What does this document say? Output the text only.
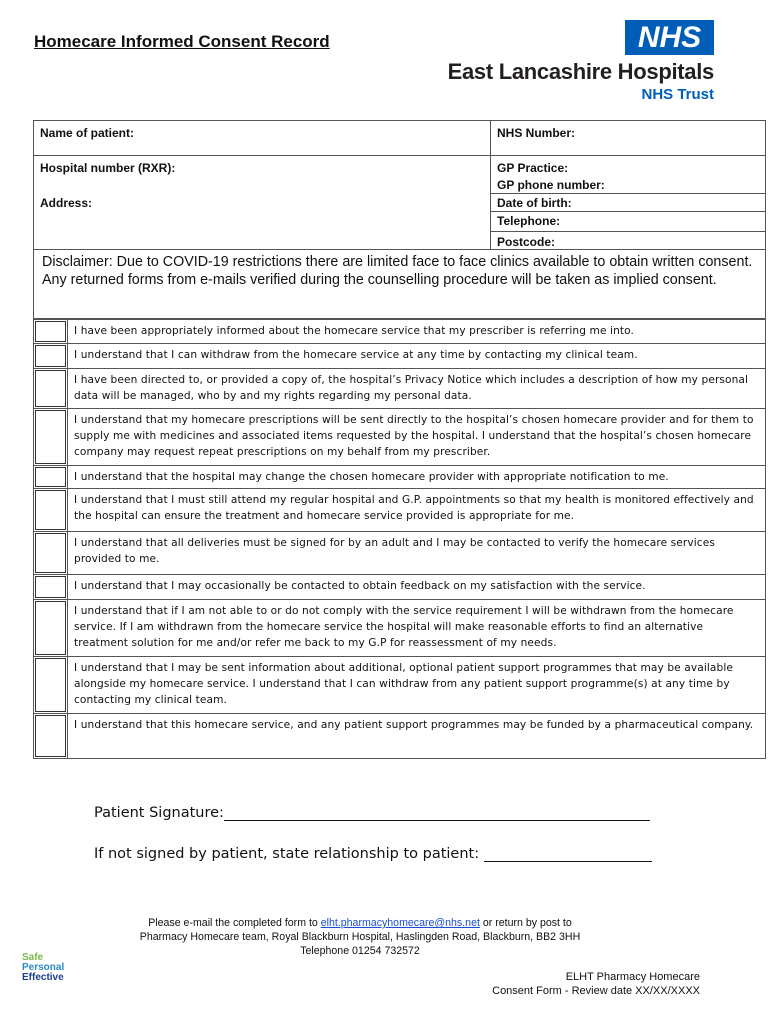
Homecare Informed Consent Record	NHS
East Lancashire Hospitals
NHS Trust
Name of patient:	NHS Number:
Hospital number (RXR):	GP Practice:
GP phone number:
Address:	Date of birth:
Telephone:
Postcode:
Disclaimer: Due to COVID-19 restrictions there are limited face to face clinics available to obtain written consent. Any returned forms from e-mails verified during the counselling procedure will be taken as implied consent.
I have been appropriately informed about the homecare service that my prescriber is referring me into.
I understand that I can withdraw from the homecare service at any time by contacting my clinical team.
I have been directed to, or provided a copy of, the hospital’s Privacy Notice which includes a description of how my personal data will be managed, who by and my rights regarding my personal data.
I understand that my homecare prescriptions will be sent directly to the hospital’s chosen homecare provider and for them to supply me with medicines and associated items requested by the hospital. I understand that the hospital’s chosen homecare company may request repeat prescriptions on my behalf from my prescriber.
I understand that the hospital may change the chosen homecare provider with appropriate notification to me.
I understand that I must still attend my regular hospital and G.P. appointments so that my health is monitored effectively and the hospital can ensure the treatment and homecare service provided is appropriate for me.
I understand that all deliveries must be signed for by an adult and I may be contacted to verify the homecare services provided to me.
I understand that I may occasionally be contacted to obtain feedback on my satisfaction with the service.
I understand that if I am not able to or do not comply with the service requirement I will be withdrawn from the homecare service. If I am withdrawn from the homecare service the hospital will make reasonable efforts to find an alternative treatment solution for me and/or refer me back to my G.P for reassessment of my needs.
I understand that I may be sent information about additional, optional patient support programmes that may be available alongside my homecare service. I understand that I can withdraw from any patient support programme(s) at any time by contacting my clinical team.
I understand that this homecare service, and any patient support programmes may be funded by a pharmaceutical company.
Patient Signature:
If not signed by patient, state relationship to patient:
Please e-mail the completed form to elht.pharmacyhomecare@nhs.net or return by post to
Pharmacy Homecare team, Royal Blackburn Hospital, Haslingden Road, Blackburn, BB2 3HH
Telephone 01254 732572
Safe
Personal
Effective	ELHT Pharmacy Homecare
Consent Form - Review date XX/XX/XXXX
